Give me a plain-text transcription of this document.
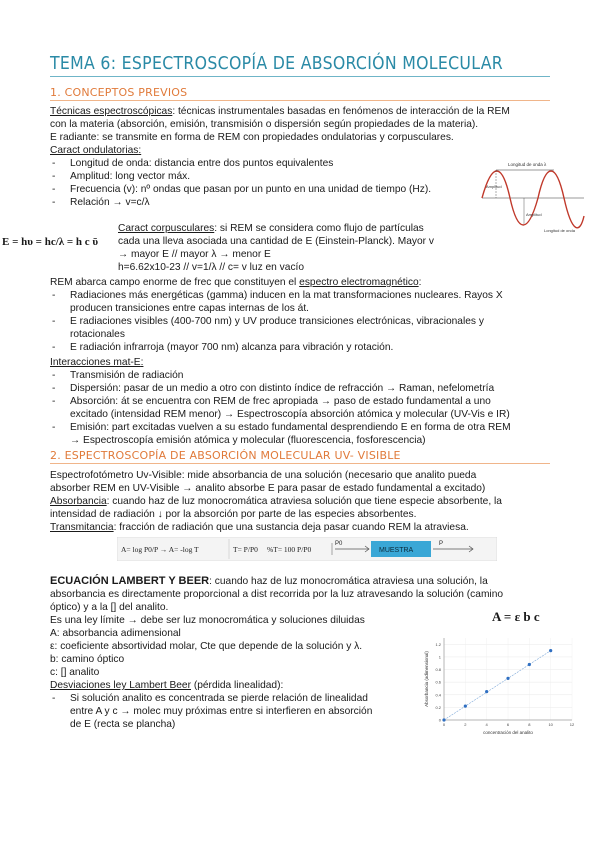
TEMA 6: ESPECTROSCOPÍA DE ABSORCIÓN MOLECULAR
1. CONCEPTOS PREVIOS
Técnicas espectroscópicas: técnicas instrumentales basadas en fenómenos de interacción de la REM
con la materia (absorción, emisión, transmisión o dispersión según propiedades de la materia).
E radiante: se transmite en forma de REM con propiedades ondulatorias y corpusculares.
Caract ondulatorias:
- Longitud de onda: distancia entre dos puntos equivalentes
- Amplitud: long vector máx.
- Frecuencia (v): nº ondas que pasan por un punto en una unidad de tiempo (Hz).
- Relación → v=c/λ
Longitud de onda λ
Amplitud
Amplitud
Longitud de onda
E = hυ = hc/λ = h c ῡ
Caract corpusculares: si REM se considera como flujo de partículas
cada una lleva asociada una cantidad de E (Einstein-Planck). Mayor v
→ mayor E // mayor λ → menor E
h=6.62x10-23 // v=1/λ // c= v luz en vacío
REM abarca campo enorme de frec que constituyen el espectro electromagnético:
- Radiaciones más energéticas (gamma) inducen en la mat transformaciones nucleares. Rayos X
producen transiciones entre capas internas de los át.
- E radiaciones visibles (400-700 nm) y UV produce transiciones electrónicas, vibracionales y
rotacionales
- E radiación infrarroja (mayor 700 nm) alcanza para vibración y rotación.
Interacciones mat-E:
- Transmisión de radiación
- Dispersión: pasar de un medio a otro con distinto índice de refracción → Raman, nefelometría
- Absorción: át se encuentra con REM de frec apropiada → paso de estado fundamental a uno
excitado (intensidad REM menor) → Espectroscopía absorción atómica y molecular (UV-Vis e IR)
- Emisión: part excitadas vuelven a su estado fundamental desprendiendo E en forma de otra REM
→ Espectroscopía emisión atómica y molecular (fluorescencia, fosforescencia)
2. ESPECTROSCOPÍA DE ABSORCIÓN MOLECULAR UV- VISIBLE
Espectrofotómetro Uv-Visible: mide absorbancia de una solución (necesario que analito pueda
absorber REM en UV-Visible → analito absorbe E para pasar de estado fundamental a excitado)
Absorbancia: cuando haz de luz monocromática atraviesa solución que tiene especie absorbente, la
intensidad de radiación ↓ por la absorción por parte de las especies absorbentes.
Transmitancia: fracción de radiación que una sustancia deja pasar cuando REM la atraviesa.
A= log P0/P → A= -log T	T= P/P0 %T= 100 P/P0
P0
MUESTRA
P
ECUACIÓN LAMBERT Y BEER: cuando haz de luz monocromática atraviesa una solución, la
absorbancia es directamente proporcional a dist recorrida por la luz atravesando la solución (camino
óptico) y a la [] del analito.
Es una ley límite → debe ser luz monocromática y soluciones diluidas	A = ε b c
A: absorbancia adimensional
ε: coeficiente absortividad molar, Cte que depende de la solución y λ.
b: camino óptico
c: [] analito
Desviaciones ley Lambert Beer (pérdida linealidad):
- Si solución analito es concentrada se pierde relación de linealidad
entre A y c → molec muy próximas entre si interfieren en absorción
de E (recta se plancha)	0
0.2
0.4
0.6
0.8
1
1.2
0	2	4	6	8	10	12
concentración del analito
Absorbancia (adimensional)
